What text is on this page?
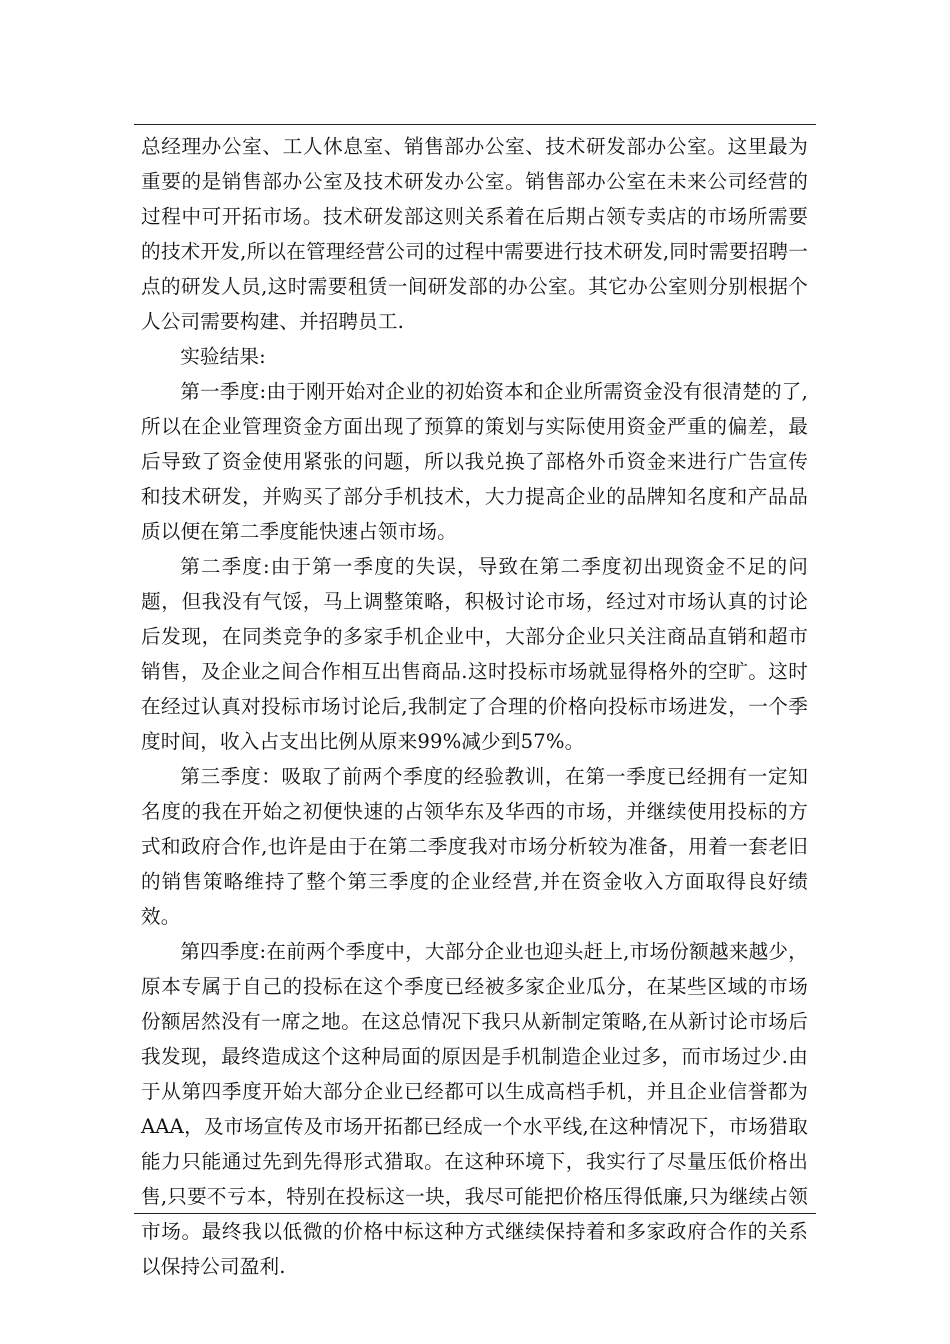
总经理办公室、工人休息室、销售部办公室、技术研发部办公室。这里最为重要的是销售部办公室及技术研发办公室。销售部办公室在未来公司经营的过程中可开拓市场。技术研发部这则关系着在后期占领专卖店的市场所需要的技术开发,所以在管理经营公司的过程中需要进行技术研发,同时需要招聘一点的研发人员,这时需要租赁一间研发部的办公室。其它办公室则分别根据个人公司需要构建、并招聘员工.

实验结果:

第一季度:由于刚开始对企业的初始资本和企业所需资金没有很清楚的了,所以在企业管理资金方面出现了预算的策划与实际使用资金严重的偏差，最后导致了资金使用紧张的问题，所以我兑换了部格外币资金来进行广告宣传和技术研发，并购买了部分手机技术，大力提高企业的品牌知名度和产品品质以便在第二季度能快速占领市场。

第二季度:由于第一季度的失误，导致在第二季度初出现资金不足的问题，但我没有气馁，马上调整策略，积极讨论市场，经过对市场认真的讨论后发现，在同类竞争的多家手机企业中，大部分企业只关注商品直销和超市销售，及企业之间合作相互出售商品.这时投标市场就显得格外的空旷。这时在经过认真对投标市场讨论后,我制定了合理的价格向投标市场进发，一个季度时间，收入占支出比例从原来99%减少到57%。

第三季度：吸取了前两个季度的经验教训，在第一季度已经拥有一定知名度的我在开始之初便快速的占领华东及华西的市场，并继续使用投标的方式和政府合作,也许是由于在第二季度我对市场分析较为准备，用着一套老旧的销售策略维持了整个第三季度的企业经营,并在资金收入方面取得良好绩效。

第四季度:在前两个季度中，大部分企业也迎头赶上,市场份额越来越少，原本专属于自己的投标在这个季度已经被多家企业瓜分，在某些区域的市场份额居然没有一席之地。在这总情况下我只从新制定策略,在从新讨论市场后我发现，最终造成这个这种局面的原因是手机制造企业过多，而市场过少.由于从第四季度开始大部分企业已经都可以生成高档手机，并且企业信誉都为 AAA，及市场宣传及市场开拓都已经成一个水平线,在这种情况下，市场猎取能力只能通过先到先得形式猎取。在这种环境下，我实行了尽量压低价格出售,只要不亏本，特别在投标这一块，我尽可能把价格压得低廉,只为继续占领市场。最终我以低微的价格中标这种方式继续保持着和多家政府合作的关系以保持公司盈利.
